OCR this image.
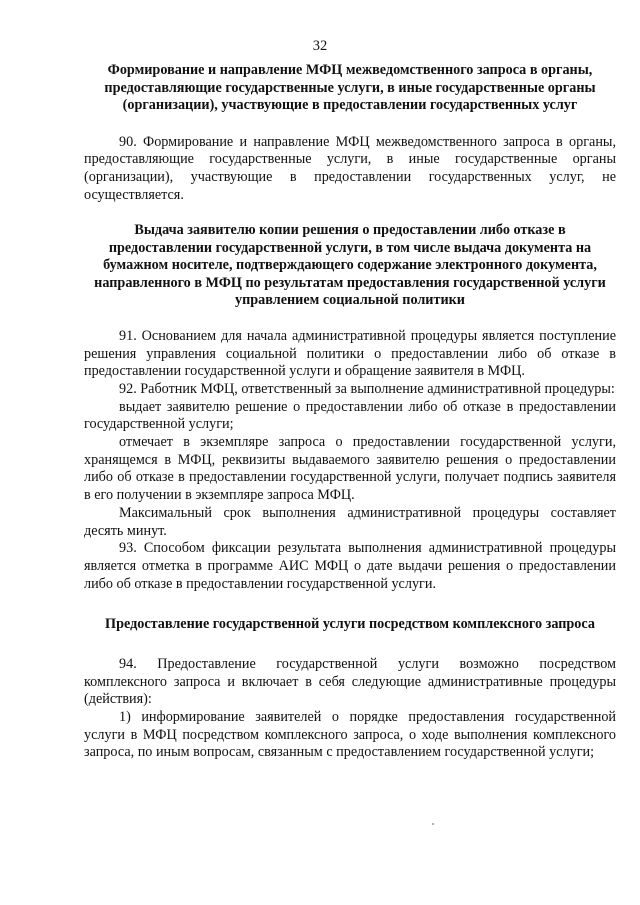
32

Формирование и направление МФЦ межведомственного запроса в органы, предоставляющие государственные услуги, в иные государственные органы (организации), участвующие в предоставлении государственных услуг

90. Формирование и направление МФЦ межведомственного запроса в органы, предоставляющие государственные услуги, в иные государственные органы (организации), участвующие в предоставлении государственных услуг, не осуществляется.

Выдача заявителю копии решения о предоставлении либо отказе в предоставлении государственной услуги, в том числе выдача документа на бумажном носителе, подтверждающего содержание электронного документа, направленного в МФЦ по результатам предоставления государственной услуги управлением социальной политики

91. Основанием для начала административной процедуры является поступление решения управления социальной политики о предоставлении либо об отказе в предоставлении государственной услуги и обращение заявителя в МФЦ.

92. Работник МФЦ, ответственный за выполнение административной процедуры:

выдает заявителю решение о предоставлении либо об отказе в предоставлении государственной услуги;

отмечает в экземпляре запроса о предоставлении государственной услуги, хранящемся в МФЦ, реквизиты выдаваемого заявителю решения о предоставлении либо об отказе в предоставлении государственной услуги, получает подпись заявителя в его получении в экземпляре запроса МФЦ.

Максимальный срок выполнения административной процедуры составляет десять минут.

93. Способом фиксации результата выполнения административной процедуры является отметка в программе АИС МФЦ о дате выдачи решения о предоставлении либо об отказе в предоставлении государственной услуги.

Предоставление государственной услуги посредством комплексного запроса

94. Предоставление государственной услуги возможно посредством комплексного запроса и включает в себя следующие административные процедуры (действия):

1) информирование заявителей о порядке предоставления государственной услуги в МФЦ посредством комплексного запроса, о ходе выполнения комплексного запроса, по иным вопросам, связанным с предоставлением государственной услуги;
